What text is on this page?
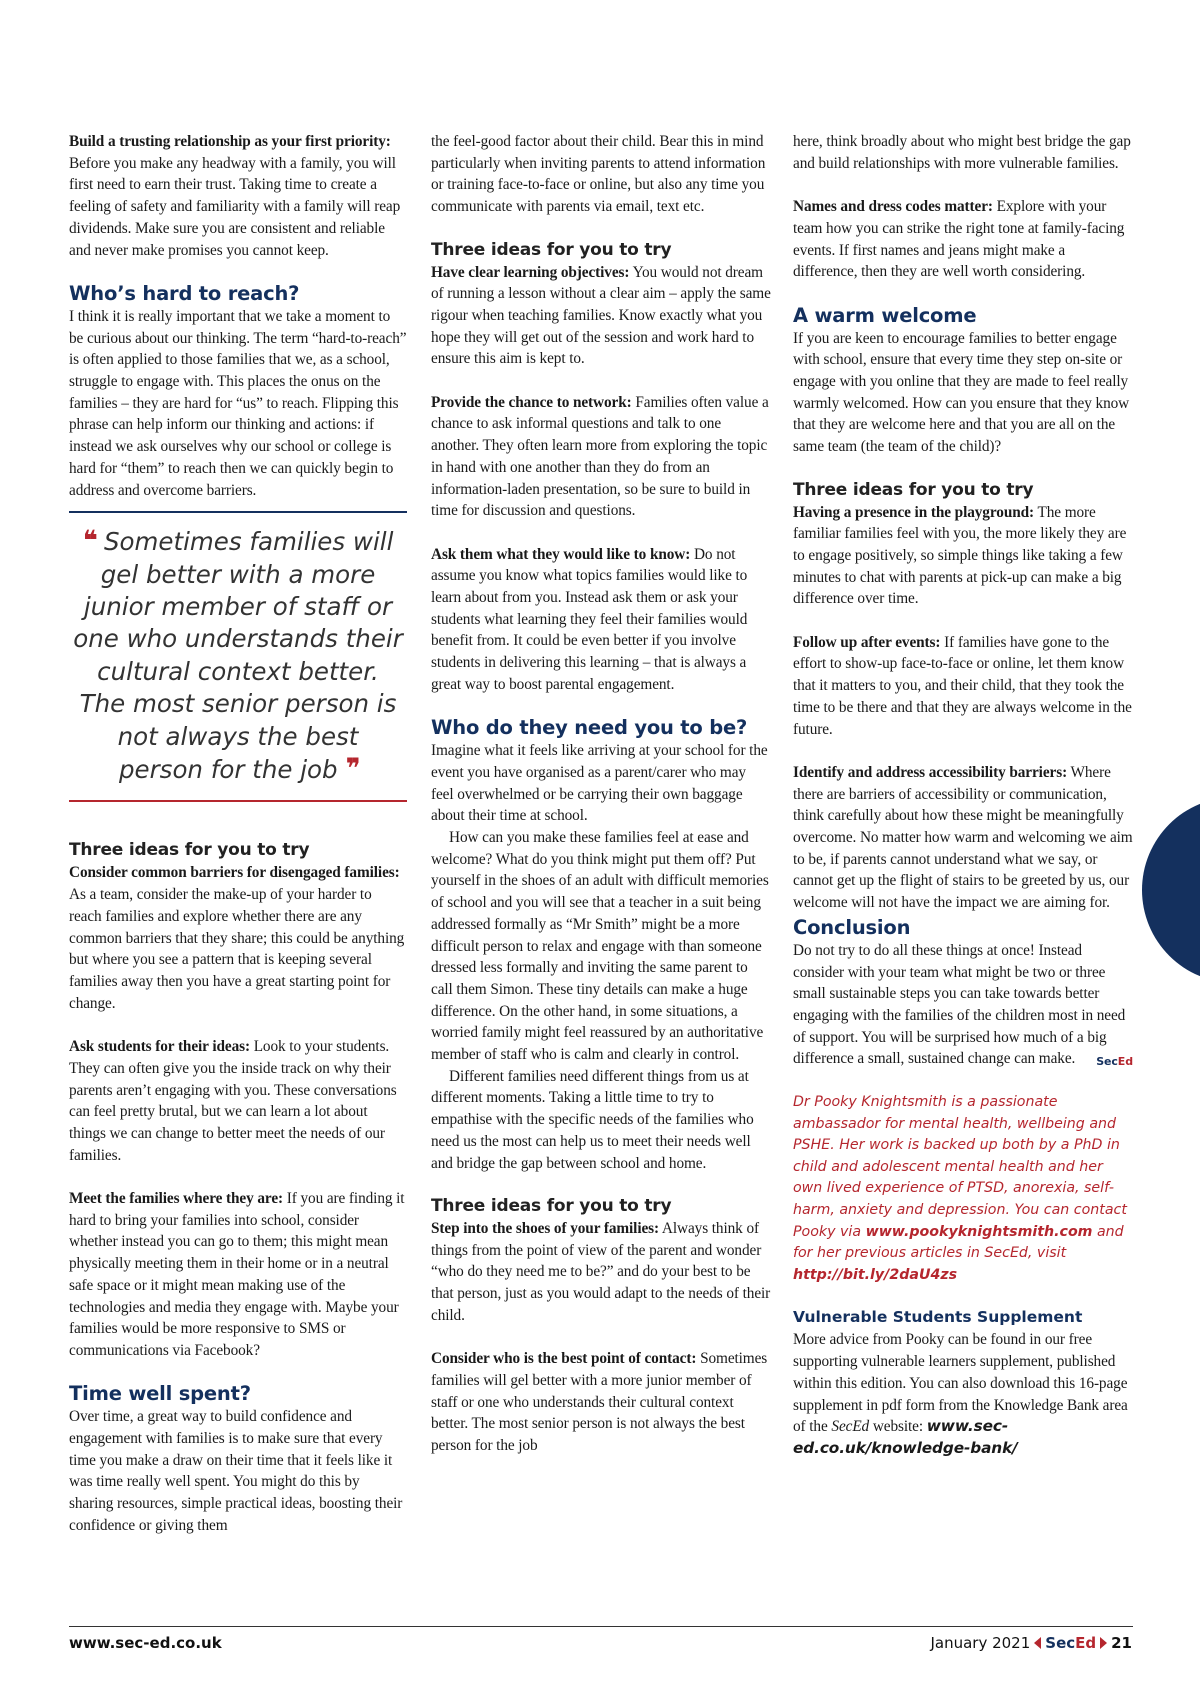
Build a trusting relationship as your first priority: Before you make any headway with a family, you will first need to earn their trust. Taking time to create a feeling of safety and familiarity with a family will reap dividends. Make sure you are consistent and reliable and never make promises you cannot keep.

Who’s hard to reach?

I think it is really important that we take a moment to be curious about our thinking. The term “hard-to-reach” is often applied to those families that we, as a school, struggle to engage with. This places the onus on the families – they are hard for “us” to reach. Flipping this phrase can help inform our thinking and actions: if instead we ask ourselves why our school or college is hard for “them” to reach then we can quickly begin to address and overcome barriers.

❛❛ Sometimes families will gel better with a more junior member of staff or one who understands their cultural context better. The most senior person is not always the best person for the job ❜❜
Three ideas for you to try

Consider common barriers for disengaged families: As a team, consider the make-up of your harder to reach families and explore whether there are any common barriers that they share; this could be anything but where you see a pattern that is keeping several families away then you have a great starting point for change.

Ask students for their ideas: Look to your students. They can often give you the inside track on why their parents aren’t engaging with you. These conversations can feel pretty brutal, but we can learn a lot about things we can change to better meet the needs of our families.

Meet the families where they are: If you are finding it hard to bring your families into school, consider whether instead you can go to them; this might mean physically meeting them in their home or in a neutral safe space or it might mean making use of the technologies and media they engage with. Maybe your families would be more responsive to SMS or communications via Facebook?

Time well spent?

Over time, a great way to build confidence and engagement with families is to make sure that every time you make a draw on their time that it feels like it was time really well spent. You might do this by sharing resources, simple practical ideas, boosting their confidence or giving them

the feel-good factor about their child. Bear this in mind particularly when inviting parents to attend information or training face-to-face or online, but also any time you communicate with parents via email, text etc.

Three ideas for you to try

Have clear learning objectives: You would not dream of running a lesson without a clear aim – apply the same rigour when teaching families. Know exactly what you hope they will get out of the session and work hard to ensure this aim is kept to.

Provide the chance to network: Families often value a chance to ask informal questions and talk to one another. They often learn more from exploring the topic in hand with one another than they do from an information-laden presentation, so be sure to build in time for discussion and questions.

Ask them what they would like to know: Do not assume you know what topics families would like to learn about from you. Instead ask them or ask your students what learning they feel their families would benefit from. It could be even better if you involve students in delivering this learning – that is always a great way to boost parental engagement.

Who do they need you to be?

Imagine what it feels like arriving at your school for the event you have organised as a parent/carer who may feel overwhelmed or be carrying their own baggage about their time at school.

How can you make these families feel at ease and welcome? What do you think might put them off? Put yourself in the shoes of an adult with difficult memories of school and you will see that a teacher in a suit being addressed formally as “Mr Smith” might be a more difficult person to relax and engage with than someone dressed less formally and inviting the same parent to call them Simon. These tiny details can make a huge difference. On the other hand, in some situations, a worried family might feel reassured by an authoritative member of staff who is calm and clearly in control.

Different families need different things from us at different moments. Taking a little time to try to empathise with the specific needs of the families who need us the most can help us to meet their needs well and bridge the gap between school and home.

Three ideas for you to try

Step into the shoes of your families: Always think of things from the point of view of the parent and wonder “who do they need me to be?” and do your best to be that person, just as you would adapt to the needs of their child.

Consider who is the best point of contact: Sometimes families will gel better with a more junior member of staff or one who understands their cultural context better. The most senior person is not always the best person for the job

here, think broadly about who might best bridge the gap and build relationships with more vulnerable families.

Names and dress codes matter: Explore with your team how you can strike the right tone at family-facing events. If first names and jeans might make a difference, then they are well worth considering.

A warm welcome

If you are keen to encourage families to better engage with school, ensure that every time they step on-site or engage with you online that they are made to feel really warmly welcomed. How can you ensure that they know that they are welcome here and that you are all on the same team (the team of the child)?

Three ideas for you to try

Having a presence in the playground: The more familiar families feel with you, the more likely they are to engage positively, so simple things like taking a few minutes to chat with parents at pick-up can make a big difference over time.

Follow up after events: If families have gone to the effort to show-up face-to-face or online, let them know that it matters to you, and their child, that they took the time to be there and that they are always welcome in the future.

Identify and address accessibility barriers: Where there are barriers of accessibility or communication, think carefully about how these might be meaningfully overcome. No matter how warm and welcoming we aim to be, if parents cannot understand what we say, or cannot get up the flight of stairs to be greeted by us, our welcome will not have the impact we are aiming for.

Conclusion

Do not try to do all these things at once! Instead consider with your team what might be two or three small sustainable steps you can take towards better engaging with the families of the children most in need of support. You will be surprised how much of a big difference a small, sustained change can make. SecEd

Dr Pooky Knightsmith is a passionate ambassador for mental health, wellbeing and PSHE. Her work is backed up both by a PhD in child and adolescent mental health and her own lived experience of PTSD, anorexia, self-harm, anxiety and depression. You can contact Pooky via www.pookyknightsmith.com and for her previous articles in SecEd, visit http://bit.ly/2daU4zs

Vulnerable Students Supplement

More advice from Pooky can be found in our free supporting vulnerable learners supplement, published within this edition. You can also download this 16-page supplement in pdf form from the Knowledge Bank area of the SecEd website: www.sec-ed.co.uk/knowledge-bank/

www.sec-ed.co.uk	January 2021 SecEd 21
